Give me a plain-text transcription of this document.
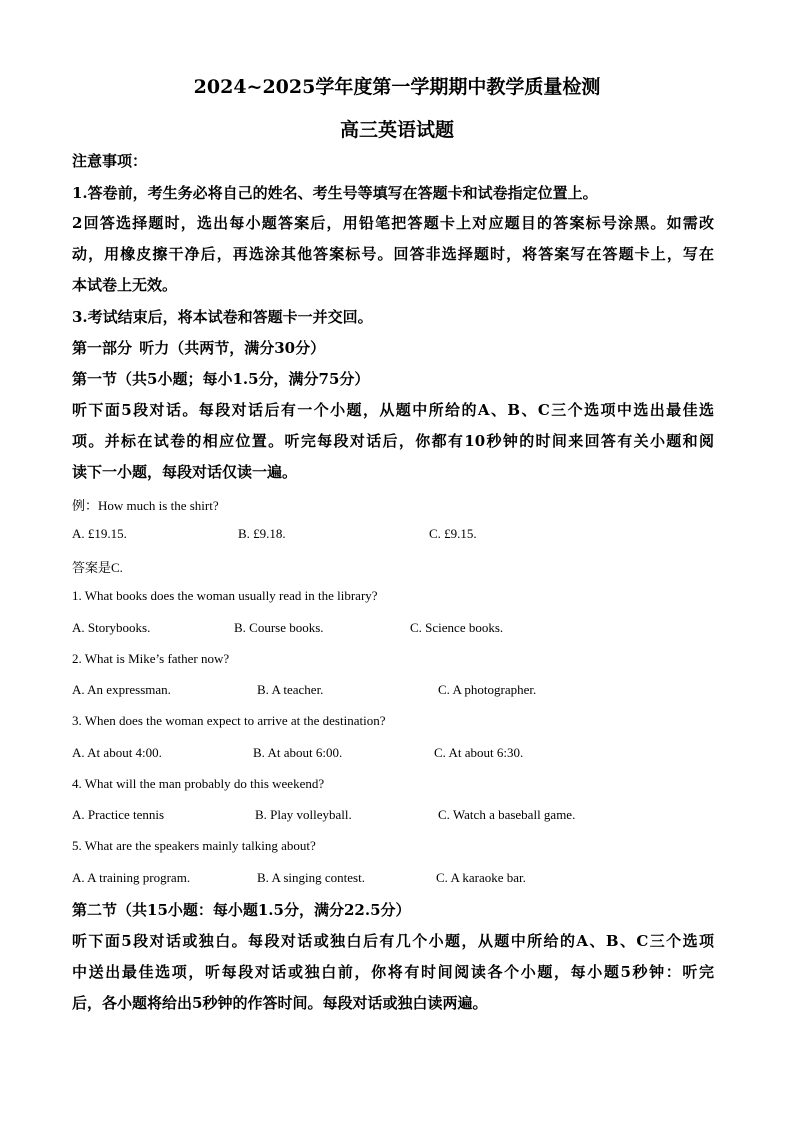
2024~2025学年度第一学期期中教学质量检测
高三英语试题
注意事项：
1.答卷前，考生务必将自己的姓名、考生号等填写在答题卡和试卷指定位置上。
2回答选择题时，选出每小题答案后，用铅笔把答题卡上对应题目的答案标号涂黑。如需改
动，用橡皮擦干净后，再选涂其他答案标号。回答非选择题时，将答案写在答题卡上，写在
本试卷上无效。
3.考试结束后，将本试卷和答题卡一并交回。
第一部分 听力（共两节，满分30分）
第一节（共5小题；每小1.5分，满分75分）
听下面5段对话。每段对话后有一个小题，从题中所给的A、B、C三个选项中选出最佳选
项。并标在试卷的相应位置。听完每段对话后，你都有10秒钟的时间来回答有关小题和阅
读下一小题，每段对话仅读一遍。
例：How much is the shirt?
A. £19.15.	B. £9.18.	C. £9.15.
答案是C.
1. What books does the woman usually read in the library?
A. Storybooks.	B. Course books.	C. Science books.
2. What is Mike’s father now?
A. An expressman.	B. A teacher.	C. A photographer.
3. When does the woman expect to arrive at the destination?
A. At about 4:00.	B. At about 6:00.	C. At about 6:30.
4. What will the man probably do this weekend?
A. Practice tennis	B. Play volleyball.	C. Watch a baseball game.
5. What are the speakers mainly talking about?
A. A training program.	B. A singing contest.	C. A karaoke bar.
第二节（共15小题：每小题1.5分，满分22.5分）
听下面5段对话或独白。每段对话或独白后有几个小题，从题中所给的A、B、C三个选项
中送出最佳选项，听每段对话或独白前，你将有时间阅读各个小题，每小题5秒钟：听完
后，各小题将给出5秒钟的作答时间。每段对话或独白读两遍。
